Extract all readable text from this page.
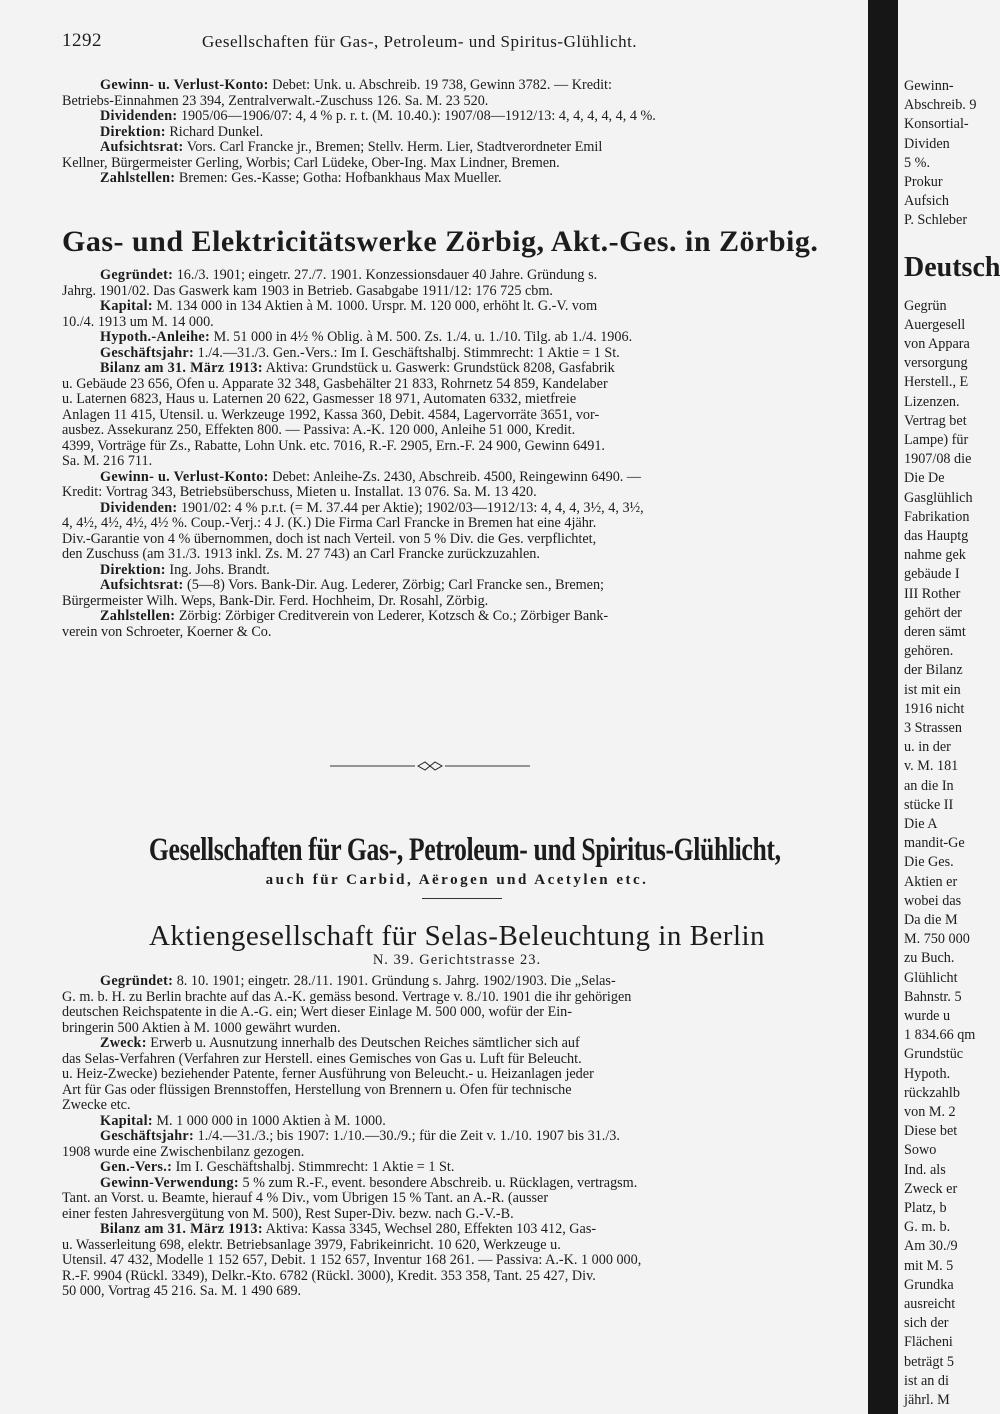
1292	Gesellschaften für Gas-, Petroleum- und Spiritus-Glühlicht.

Gewinn- u. Verlust-Konto: Debet: Unk. u. Abschreib. 19 738, Gewinn 3782. — Kredit:

Betriebs-Einnahmen 23 394, Zentralverwalt.-Zuschuss 126. Sa. M. 23 520.

Dividenden: 1905/06—1906/07: 4, 4 % p. r. t. (M. 10.40.): 1907/08—1912/13: 4, 4, 4, 4, 4, 4 %.

Direktion: Richard Dunkel.

Aufsichtsrat: Vors. Carl Francke jr., Bremen; Stellv. Herm. Lier, Stadtverordneter Emil

Kellner, Bürgermeister Gerling, Worbis; Carl Lüdeke, Ober-Ing. Max Lindner, Bremen.

Zahlstellen: Bremen: Ges.-Kasse; Gotha: Hofbankhaus Max Mueller.

Gas- und Elektricitätswerke Zörbig, Akt.-Ges. in Zörbig.

Gegründet: 16./3. 1901; eingetr. 27./7. 1901. Konzessionsdauer 40 Jahre. Gründung s.

Jahrg. 1901/02. Das Gaswerk kam 1903 in Betrieb. Gasabgabe 1911/12: 176 725 cbm.

Kapital: M. 134 000 in 134 Aktien à M. 1000. Urspr. M. 120 000, erhöht lt. G.-V. vom

10./4. 1913 um M. 14 000.

Hypoth.-Anleihe: M. 51 000 in 4½ % Oblig. à M. 500. Zs. 1./4. u. 1./10. Tilg. ab 1./4. 1906.

Geschäftsjahr: 1./4.—31./3. Gen.-Vers.: Im I. Geschäftshalbj. Stimmrecht: 1 Aktie = 1 St.

Bilanz am 31. März 1913: Aktiva: Grundstück u. Gaswerk: Grundstück 8208, Gasfabrik

u. Gebäude 23 656, Öfen u. Apparate 32 348, Gasbehälter 21 833, Rohrnetz 54 859, Kandelaber

u. Laternen 6823, Haus u. Laternen 20 622, Gasmesser 18 971, Automaten 6332, mietfreie

Anlagen 11 415, Utensil. u. Werkzeuge 1992, Kassa 360, Debit. 4584, Lagervorräte 3651, vor-

ausbez. Assekuranz 250, Effekten 800. — Passiva: A.-K. 120 000, Anleihe 51 000, Kredit.

4399, Vorträge für Zs., Rabatte, Lohn Unk. etc. 7016, R.-F. 2905, Ern.-F. 24 900, Gewinn 6491.

Sa. M. 216 711.

Gewinn- u. Verlust-Konto: Debet: Anleihe-Zs. 2430, Abschreib. 4500, Reingewinn 6490. —

Kredit: Vortrag 343, Betriebsüberschuss, Mieten u. Installat. 13 076. Sa. M. 13 420.

Dividenden: 1901/02: 4 % p.r.t. (= M. 37.44 per Aktie); 1902/03—1912/13: 4, 4, 4, 3½, 4, 3½,

4, 4½, 4½, 4½, 4½ %. Coup.-Verj.: 4 J. (K.) Die Firma Carl Francke in Bremen hat eine 4jähr.

Div.-Garantie von 4 % übernommen, doch ist nach Verteil. von 5 % Div. die Ges. verpflichtet,

den Zuschuss (am 31./3. 1913 inkl. Zs. M. 27 743) an Carl Francke zurückzuzahlen.

Direktion: Ing. Johs. Brandt.

Aufsichtsrat: (5—8) Vors. Bank-Dir. Aug. Lederer, Zörbig; Carl Francke sen., Bremen;

Bürgermeister Wilh. Weps, Bank-Dir. Ferd. Hochheim, Dr. Rosahl, Zörbig.

Zahlstellen: Zörbig: Zörbiger Creditverein von Lederer, Kotzsch & Co.; Zörbiger Bank-

verein von Schroeter, Koerner & Co.

Gesellschaften für Gas-, Petroleum- und Spiritus-Glühlicht,
auch für Carbid, Aërogen und Acetylen etc.
Aktiengesellschaft für Selas-Beleuchtung in Berlin
N. 39. Gerichtstrasse 23.

Gegründet: 8. 10. 1901; eingetr. 28./11. 1901. Gründung s. Jahrg. 1902/1903. Die „Selas-

G. m. b. H. zu Berlin brachte auf das A.-K. gemäss besond. Vertrage v. 8./10. 1901 die ihr gehörigen

deutschen Reichspatente in die A.-G. ein; Wert dieser Einlage M. 500 000, wofür der Ein-

bringerin 500 Aktien à M. 1000 gewährt wurden.

Zweck: Erwerb u. Ausnutzung innerhalb des Deutschen Reiches sämtlicher sich auf

das Selas-Verfahren (Verfahren zur Herstell. eines Gemisches von Gas u. Luft für Beleucht.

u. Heiz-Zwecke) beziehender Patente, ferner Ausführung von Beleucht.- u. Heizanlagen jeder

Art für Gas oder flüssigen Brennstoffen, Herstellung von Brennern u. Öfen für technische

Zwecke etc.

Kapital: M. 1 000 000 in 1000 Aktien à M. 1000.

Geschäftsjahr: 1./4.—31./3.; bis 1907: 1./10.—30./9.; für die Zeit v. 1./10. 1907 bis 31./3.

1908 wurde eine Zwischenbilanz gezogen.

Gen.-Vers.: Im I. Geschäftshalbj. Stimmrecht: 1 Aktie = 1 St.

Gewinn-Verwendung: 5 % zum R.-F., event. besondere Abschreib. u. Rücklagen, vertragsm.

Tant. an Vorst. u. Beamte, hierauf 4 % Div., vom Übrigen 15 % Tant. an A.-R. (ausser

einer festen Jahresvergütung von M. 500), Rest Super-Div. bezw. nach G.-V.-B.

Bilanz am 31. März 1913: Aktiva: Kassa 3345, Wechsel 280, Effekten 103 412, Gas-

u. Wasserleitung 698, elektr. Betriebsanlage 3979, Fabrikeinricht. 10 620, Werkzeuge u.

Utensil. 47 432, Modelle 1 152 657, Debit. 1 152 657, Inventur 168 261. — Passiva: A.-K. 1 000 000,

R.-F. 9904 (Rückl. 3349), Delkr.-Kto. 6782 (Rückl. 3000), Kredit. 353 358, Tant. 25 427, Div.

50 000, Vortrag 45 216. Sa. M. 1 490 689.

Gewinn-
Abschreib. 9
Konsortial-
Dividen
5 %.
Prokur
Aufsich
P. Schleber
Deutsch
Gegrün
Auergesell
von Appara
versorgung
Herstell., E
Lizenzen.
Vertrag bet
Lampe) für
1907/08 die
Die De
Gasglühlich
Fabrikation
das Hauptg
nahme gek
gebäude I
III Rother
gehört der
deren sämt
gehören.
der Bilanz
ist mit ein
1916 nicht
3 Strassen
u. in der
v. M. 181
an die In
stücke II
Die A
mandit-Ge
Die Ges.
Aktien er
wobei das
Da die M
M. 750 000
zu Buch.
Glühlicht
Bahnstr. 5
wurde u
1 834.66 qm
Grundstüc
Hypoth.
rückzahlb
von M. 2
Diese bet
Sowo
Ind. als
Zweck er
Platz, b
G. m. b.
Am 30./9
mit M. 5
Grundka
ausreicht
sich der
Flächeni
beträgt 5
ist an di
jährl. M
